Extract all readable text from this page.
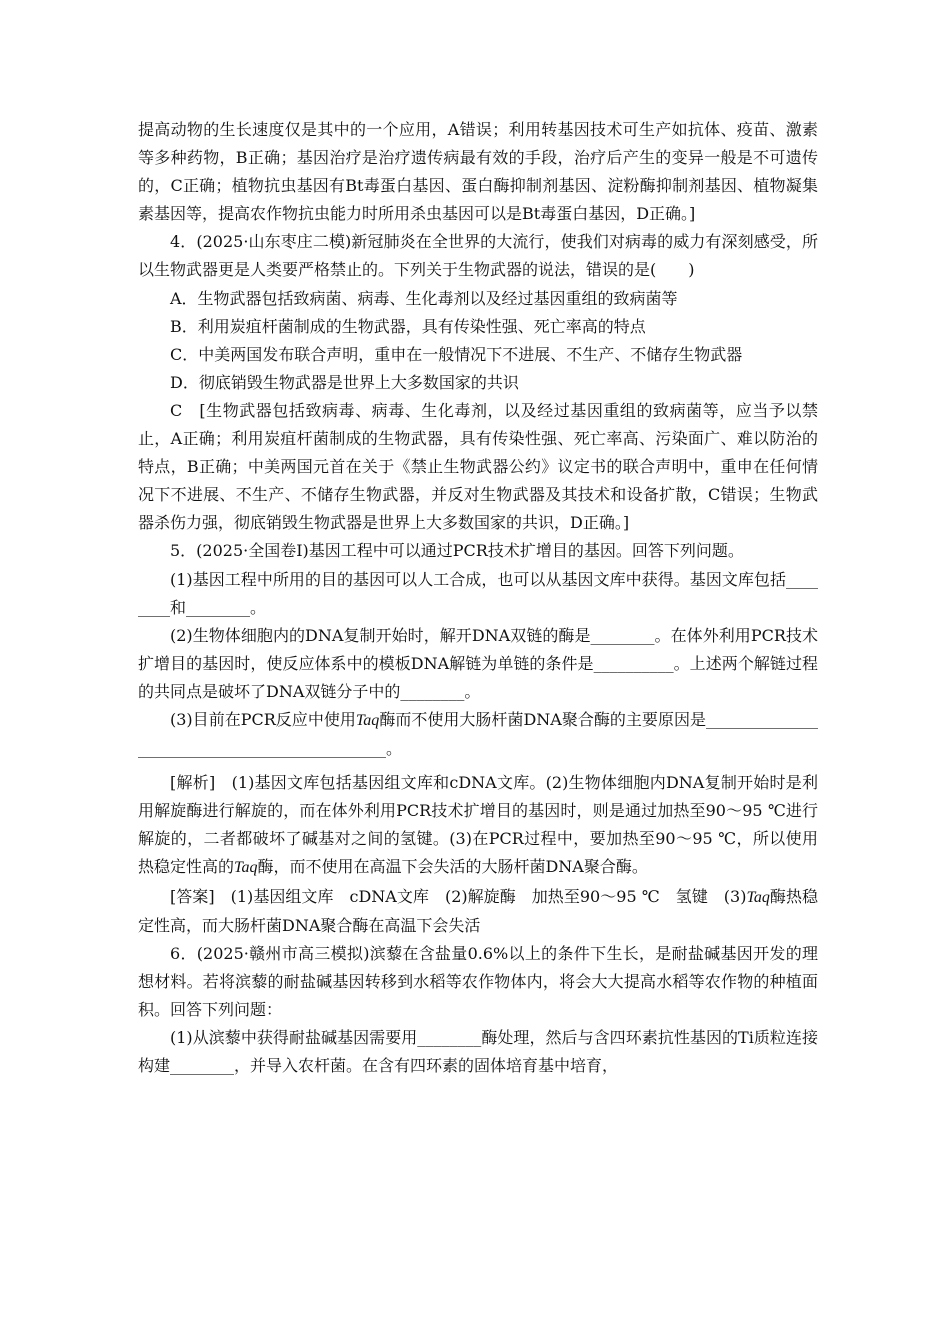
提高动物的生长速度仅是其中的一个应用，A错误；利用转基因技术可生产如抗体、疫苗、激素等多种药物，B正确；基因治疗是治疗遗传病最有效的手段，治疗后产生的变异一般是不可遗传的，C正确；植物抗虫基因有Bt毒蛋白基因、蛋白酶抑制剂基因、淀粉酶抑制剂基因、植物凝集素基因等，提高农作物抗虫能力时所用杀虫基因可以是Bt毒蛋白基因，D正确。]

4．(2025·山东枣庄二模)新冠肺炎在全世界的大流行，使我们对病毒的威力有深刻感受，所以生物武器更是人类要严格禁止的。下列关于生物武器的说法，错误的是(　　)

A．生物武器包括致病菌、病毒、生化毒剂以及经过基因重组的致病菌等

B．利用炭疽杆菌制成的生物武器，具有传染性强、死亡率高的特点

C．中美两国发布联合声明，重申在一般情况下不进展、不生产、不储存生物武器

D．彻底销毁生物武器是世界上大多数国家的共识

C　[生物武器包括致病毒、病毒、生化毒剂，以及经过基因重组的致病菌等，应当予以禁止，A正确；利用炭疽杆菌制成的生物武器，具有传染性强、死亡率高、污染面广、难以防治的特点，B正确；中美两国元首在关于《禁止生物武器公约》议定书的联合声明中，重申在任何情况下不进展、不生产、不储存生物武器，并反对生物武器及其技术和设备扩散，C错误；生物武器杀伤力强，彻底销毁生物武器是世界上大多数国家的共识，D正确。]

5．(2025·全国卷Ⅰ)基因工程中可以通过PCR技术扩增目的基因。回答下列问题。

(1)基因工程中所用的目的基因可以人工合成，也可以从基因文库中获得。基因文库包括________和________。

(2)生物体细胞内的DNA复制开始时，解开DNA双链的酶是________。在体外利用PCR技术扩增目的基因时，使反应体系中的模板DNA解链为单链的条件是__________。上述两个解链过程的共同点是破坏了DNA双链分子中的________。

(3)目前在PCR反应中使用Taq酶而不使用大肠杆菌DNA聚合酶的主要原因是_____________________________________________。

[解析]　(1)基因文库包括基因组文库和cDNA文库。(2)生物体细胞内DNA复制开始时是利用解旋酶进行解旋的，而在体外利用PCR技术扩增目的基因时，则是通过加热至90～95 ℃进行解旋的，二者都破坏了碱基对之间的氢键。(3)在PCR过程中，要加热至90～95 ℃，所以使用热稳定性高的Taq酶，而不使用在高温下会失活的大肠杆菌DNA聚合酶。

[答案]　(1)基因组文库　cDNA文库　(2)解旋酶　加热至90～95 ℃　氢键　(3)Taq酶热稳定性高，而大肠杆菌DNA聚合酶在高温下会失活

6．(2025·赣州市高三模拟)滨藜在含盐量0.6%以上的条件下生长，是耐盐碱基因开发的理想材料。若将滨藜的耐盐碱基因转移到水稻等农作物体内，将会大大提高水稻等农作物的种植面积。回答下列问题：

(1)从滨藜中获得耐盐碱基因需要用________酶处理，然后与含四环素抗性基因的Ti质粒连接构建________，并导入农杆菌。在含有四环素的固体培育基中培育，
